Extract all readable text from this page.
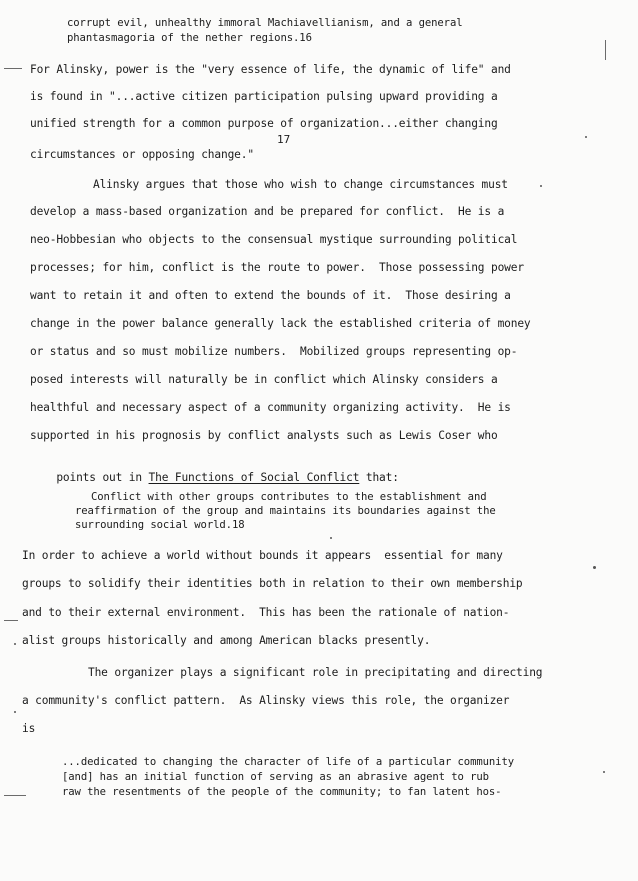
corrupt evil, unhealthy immoral Machiavellianism, and a general
phantasmagoria of the nether regions.16
For Alinsky, power is the "very essence of life, the dynamic of life" and
is found in "...active citizen participation pulsing upward providing a
unified strength for a common purpose of organization...either changing
17
circumstances or opposing change."
Alinsky argues that those who wish to change circumstances must
develop a mass-based organization and be prepared for conflict.  He is a
neo-Hobbesian who objects to the consensual mystique surrounding political
processes; for him, conflict is the route to power.  Those possessing power
want to retain it and often to extend the bounds of it.  Those desiring a
change in the power balance generally lack the established criteria of money
or status and so must mobilize numbers.  Mobilized groups representing op-
posed interests will naturally be in conflict which Alinsky considers a
healthful and necessary aspect of a community organizing activity.  He is
supported in his prognosis by conflict analysts such as Lewis Coser who

points out in The Functions of Social Conflict that:

Conflict with other groups contributes to the establishment and
reaffirmation of the group and maintains its boundaries against the
surrounding social world.18
In order to achieve a world without bounds it appears  essential for many
groups to solidify their identities both in relation to their own membership
and to their external environment.  This has been the rationale of nation-
alist groups historically and among American blacks presently.
The organizer plays a significant role in precipitating and directing
a community's conflict pattern.  As Alinsky views this role, the organizer
is
...dedicated to changing the character of life of a particular community
[and] has an initial function of serving as an abrasive agent to rub
raw the resentments of the people of the community; to fan latent hos-
